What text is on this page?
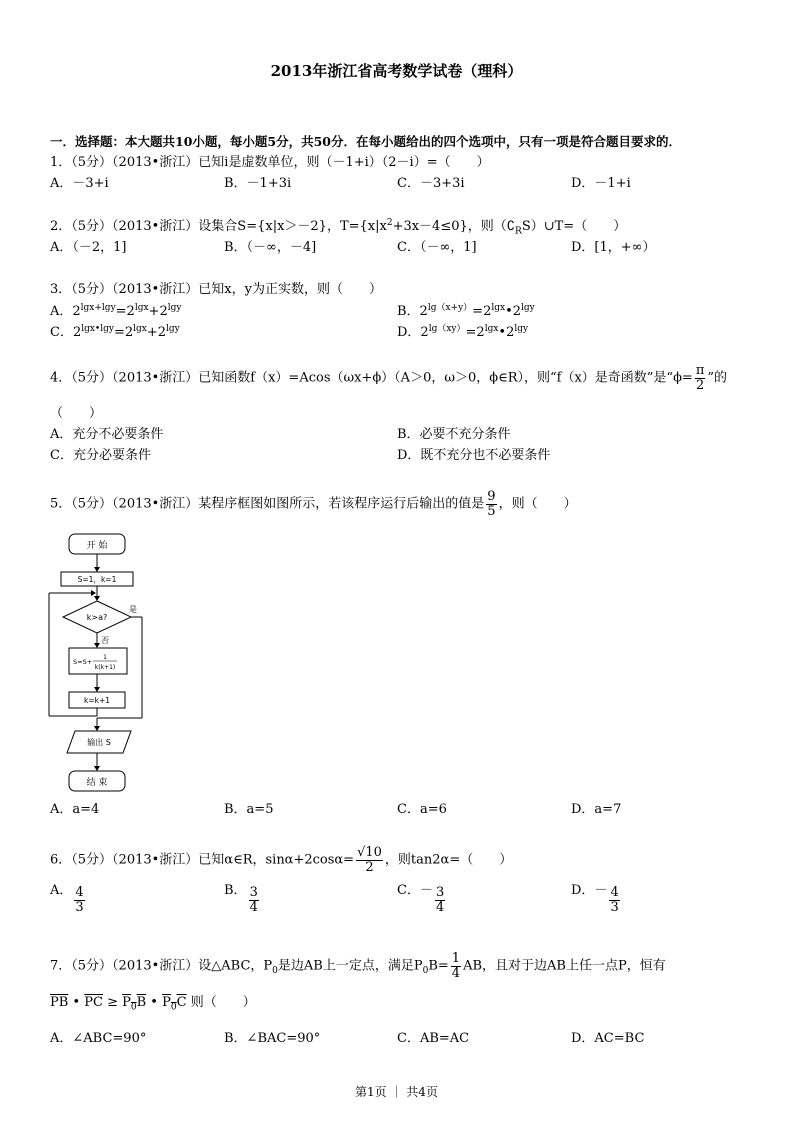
2013年浙江省高考数学试卷（理科）
一．选择题：本大题共10小题，每小题5分，共50分．在每小题给出的四个选项中，只有一项是符合题目要求的．
1．（5分）（2013•浙江）已知i是虚数单位，则（－1+i）（2－i）=（　　）
A．－3+i	B．－1+3i	C．－3+3i	D．－1+i
2．（5分）（2013•浙江）设集合S={x|x＞－2}，$T=\{x|x^2+3x-4\le 0\}$，则$(∁_RS)\cup T=$（　　）
A．（－2，1]	B．（－∞，－4]	C．（－∞，1]	D．[1，+∞）
3．（5分）（2013•浙江）已知x，y为正实数，则（　　）
A．$2^{lgx+lgy}=2^{lgx}+2^{lgy}$	B．$2^{lg(x+y)}=2^{lgx}•2^{lgy}$
C．$2^{lgx•lgy}=2^{lgx}+2^{lgy}$	D．$2^{lg(xy)}=2^{lgx}•2^{lgy}$
4．（5分）（2013•浙江）已知函数f（x）=Acos（ωx+ϕ）（A＞0，ω＞0，ϕ∈R），则“f（x）是奇函数”是“$\phi= \frac{\pi}{2}$ ”的
（　　）
A．充分不必要条件	B．必要不充分条件
C．充分必要条件	D．既不充分也不必要条件
5．（5分）（2013•浙江）某程序框图如图所示，若该程序运行后输出的值是 $\frac{9}{5}$ ，则（　　）
开 始
S=1，k=1
k>a?
是
否
S=S+
1
k(k+1)
k=k+1
输出 S
结 束
A．a=4	B．a=5	C．a=6	D．a=7
6．（5分）（2013•浙江）已知α∈R，$\sin\alpha+2\cos\alpha= \frac{√10}{2}$ ，则tan2α=（　　）
A． $\frac{4}{3}$	B． $\frac{3}{4}$	C．－ $\frac{3}{4}$	D．－ $\frac{4}{3}$
7．（5分）（2013•浙江）设△ABC，$P_0$是边AB上一定点，满足$P_0B= \frac{1}{4}$ AB，且对于边AB上任一点P，恒有
$\overline{PB}$ • $\overline{PC} \ge P_0B$ • $P_0C$ 则（　　）
A．∠ABC=90°	B．∠BAC=90°	C．AB=AC	D．AC=BC
第1页 ｜ 共4页
